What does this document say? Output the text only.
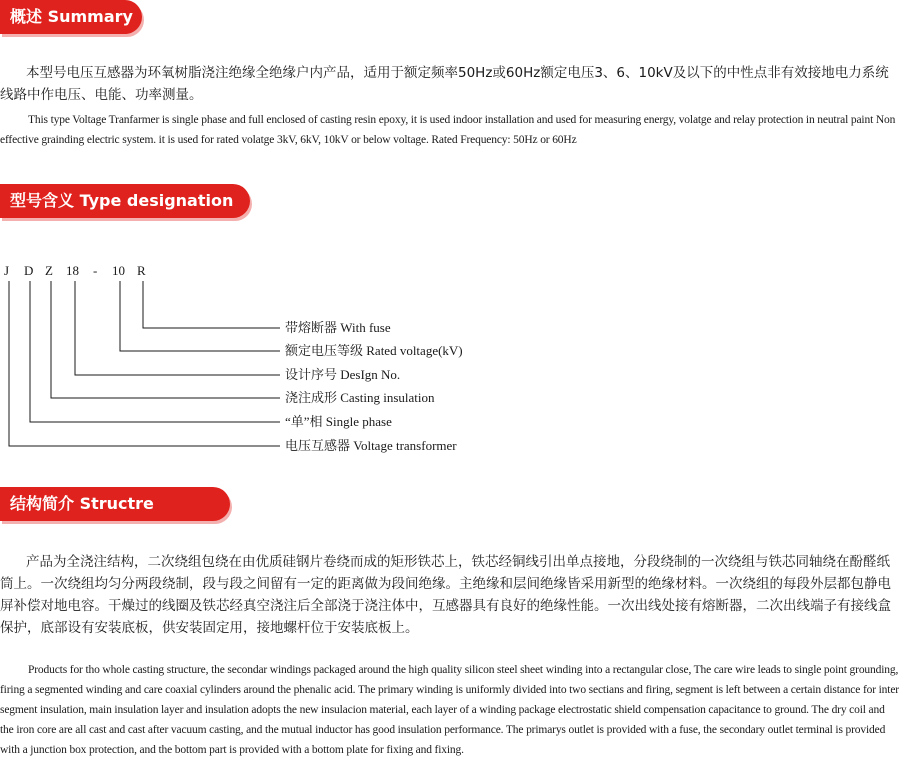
概述 Summary

本型号电压互感器为环氧树脂浇注绝缘全绝缘户内产品，适用于额定频率50Hz或60Hz额定电压3、6、10kV及以下的中性点非有效接地电力系统线路中作电压、电能、功率测量。

This type Voltage Tranfarmer is single phase and full enclosed of casting resin epoxy, it is used indoor installation and used for measuring energy, volatge and relay protection in neutral paint Non effective grainding electric system. it is used for rated volatge 3kV, 6kV, 10kV or below voltage. Rated Frequency: 50Hz or 60Hz

型号含义 Type designation
J D Z 18 - 10 R
带熔断器 With fuse
额定电压等级 Rated voltage(kV)
设计序号 DesIgn No.
浇注成形 Casting insulation
“单”相 Single phase
电压互感器 Voltage transformer
结构简介 Structre

产品为全浇注结构，二次绕组包绕在由优质硅钢片卷绕而成的矩形铁芯上，铁芯经铜线引出单点接地，分段绕制的一次绕组与铁芯同轴绕在酚醛纸筒上。一次绕组均匀分两段绕制，段与段之间留有一定的距离做为段间绝缘。主绝缘和层间绝缘皆采用新型的绝缘材料。一次绕组的每段外层都包静电屏补偿对地电容。干燥过的线圈及铁芯经真空浇注后全部浇于浇注体中，互感器具有良好的绝缘性能。一次出线处接有熔断器，二次出线端子有接线盒保护，底部设有安装底板，供安装固定用，接地螺杆位于安装底板上。

Products for tho whole casting structure, the secondar windings packaged around the high quality silicon steel sheet winding into a rectangular close, The care wire leads to single point grounding, firing a segmented winding and care coaxial cylinders around the phenalic acid. The primary winding is uniformly divided into two sectians and firing, segment is left between a certain distance for inter segment insulation, main insulation layer and insulation adopts the new insulacion material, each layer of a winding package electrostatic shield compensation capacitance to ground. The dry coil and the iron core are all cast and cast after vacuum casting, and the mutual inductor has good insulation performance. The primarys outlet is provided with a fuse, the secondary outlet terminal is provided with a junction box protection, and the bottom part is provided with a bottom plate for fixing and fixing.
